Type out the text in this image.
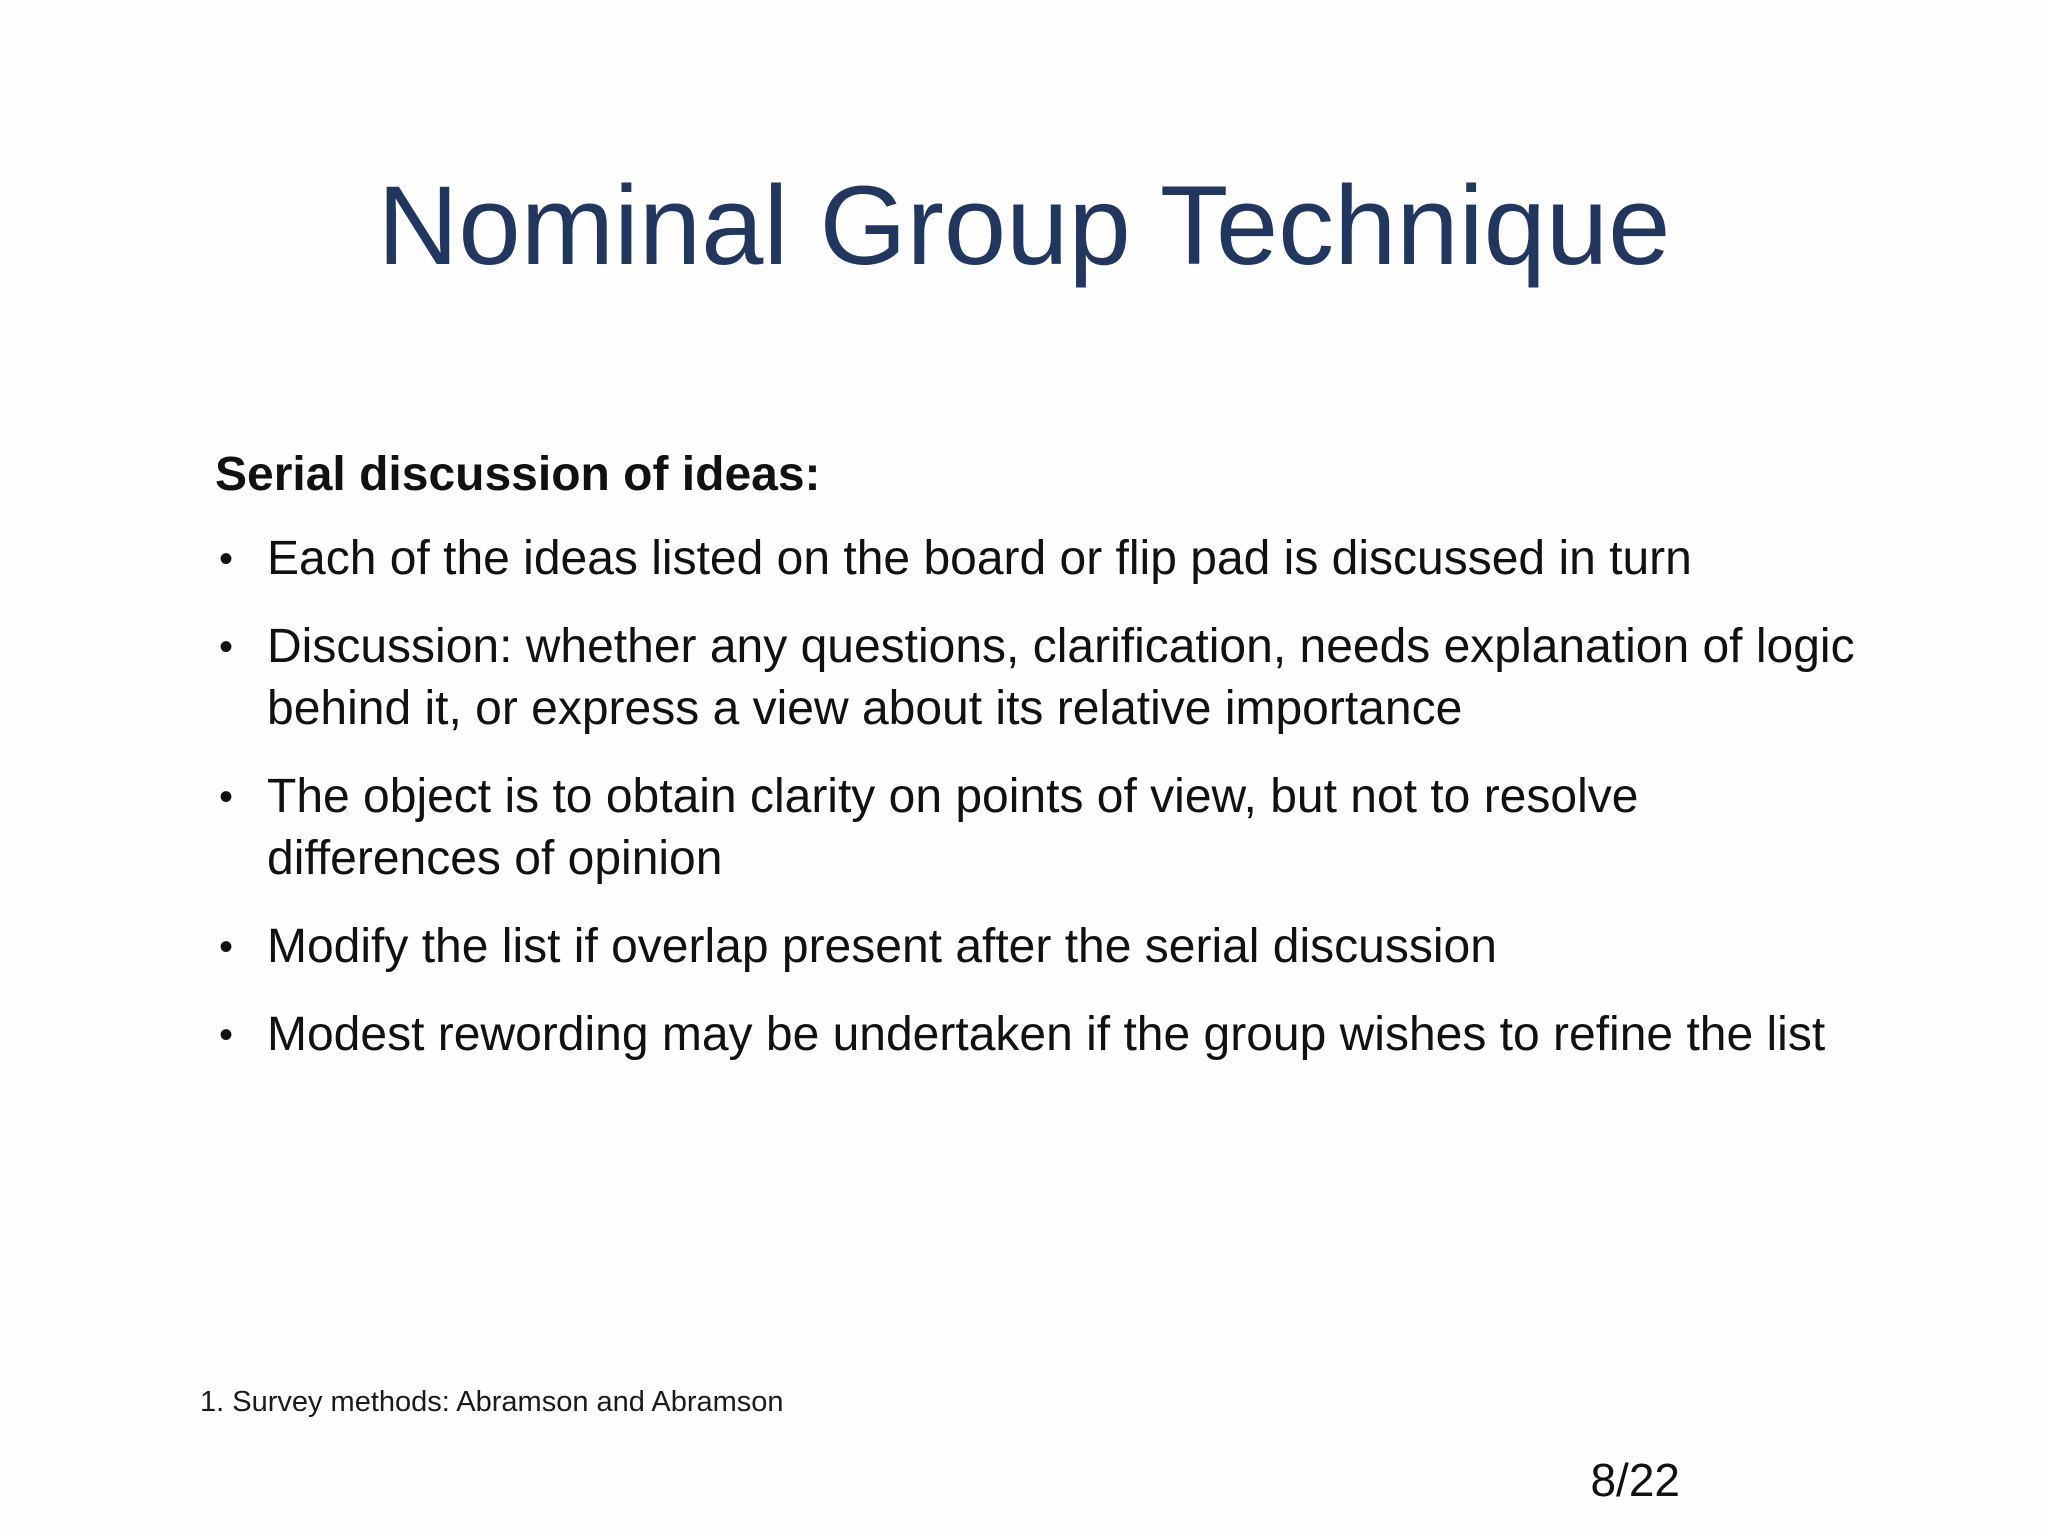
Nominal Group Technique

Serial discussion of ideas:

• Each of the ideas listed on the board or flip pad is discussed in turn
• Discussion: whether any questions, clarification, needs explanation of logic behind it, or express a view about its relative importance
• The object is to obtain clarity on points of view, but not to resolve differences of opinion
• Modify the list if overlap present after the serial discussion
• Modest rewording may be undertaken if the group wishes to refine the list

1. Survey methods: Abramson and Abramson

8/22
